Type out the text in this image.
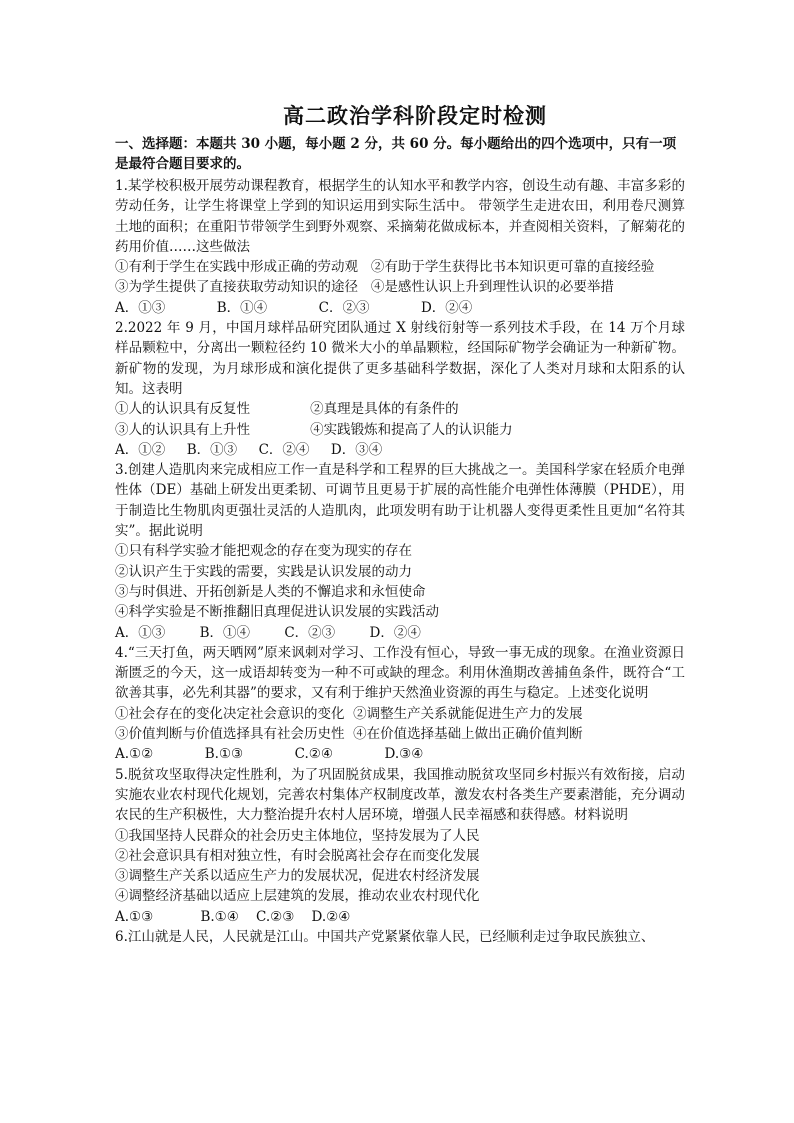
高二政治学科阶段定时检测
一、选择题：本题共 30 小题，每小题 2 分，共 60 分。每小题给出的四个选项中，只有一项是最符合题目要求的。

1.某学校积极开展劳动课程教育，根据学生的认知水平和教学内容，创设生动有趣、丰富多彩的劳动任务，让学生将课堂上学到的知识运用到实际生活中。 带领学生走进农田，利用卷尺测算土地的面积；在重阳节带领学生到野外观察、采摘菊花做成标本，并查阅相关资料，了解菊花的药用价值……这些做法

①有利于学生在实践中形成正确的劳动观   ②有助于学生获得比书本知识更可靠的直接经验

③为学生提供了直接获取劳动知识的途径   ④是感性认识上升到理性认识的必要举措

A．①③            B．①④            C．②③            D．②④

2.2022 年 9 月，中国月球样品研究团队通过 X 射线衍射等一系列技术手段，在 14 万个月球样品颗粒中，分离出一颗粒径约 10 微米大小的单晶颗粒，经国际矿物学会确证为一种新矿物。新矿物的发现，为月球形成和演化提供了更多基础科学数据，深化了人类对月球和太阳系的认知。这表明

①人的认识具有反复性              ②真理是具体的有条件的

③人的认识具有上升性              ④实践锻炼和提高了人的认识能力

A．①②     B．①③     C．②④     D．③④

3.创建人造肌肉来完成相应工作一直是科学和工程界的巨大挑战之一。美国科学家在轻质介电弹性体（DE）基础上研发出更柔韧、可调节且更易于扩展的高性能介电弹性体薄膜（PHDE），用于制造比生物肌肉更强壮灵活的人造肌肉，此项发明有助于让机器人变得更柔性且更加“名符其实”。据此说明

①只有科学实验才能把观念的存在变为现实的存在

②认识产生于实践的需要，实践是认识发展的动力

③与时俱进、开拓创新是人类的不懈追求和永恒使命

④科学实验是不断推翻旧真理促进认识发展的实践活动

A．①③        B．①④        C．②③        D．②④

4.“三天打鱼，两天晒网”原来讽刺对学习、工作没有恒心，导致一事无成的现象。在渔业资源日渐匮乏的今天，这一成语却转变为一种不可或缺的理念。利用休渔期改善捕鱼条件，既符合“工欲善其事，必先利其器”的要求，又有利于维护天然渔业资源的再生与稳定。上述变化说明

①社会存在的变化决定社会意识的变化  ②调整生产关系就能促进生产力的发展

③价值判断与价值选择具有社会历史性  ④在价值选择基础上做出正确价值判断

A.①②            B.①③            C.②④            D.③④

5.脱贫攻坚取得决定性胜利，为了巩固脱贫成果，我国推动脱贫攻坚同乡村振兴有效衔接，启动实施农业农村现代化规划，完善农村集体产权制度改革，激发农村各类生产要素潜能，充分调动农民的生产积极性，大力整治提升农村人居环境，增强人民幸福感和获得感。材料说明

①我国坚持人民群众的社会历史主体地位，坚持发展为了人民

②社会意识具有相对独立性，有时会脱离社会存在而变化发展

③调整生产关系以适应生产力的发展状况，促进农村经济发展

④调整经济基础以适应上层建筑的发展，推动农业农村现代化

A.①③           B.①④    C.②③    D.②④

6.江山就是人民，人民就是江山。中国共产党紧紧依靠人民，已经顺利走过争取民族独立、
